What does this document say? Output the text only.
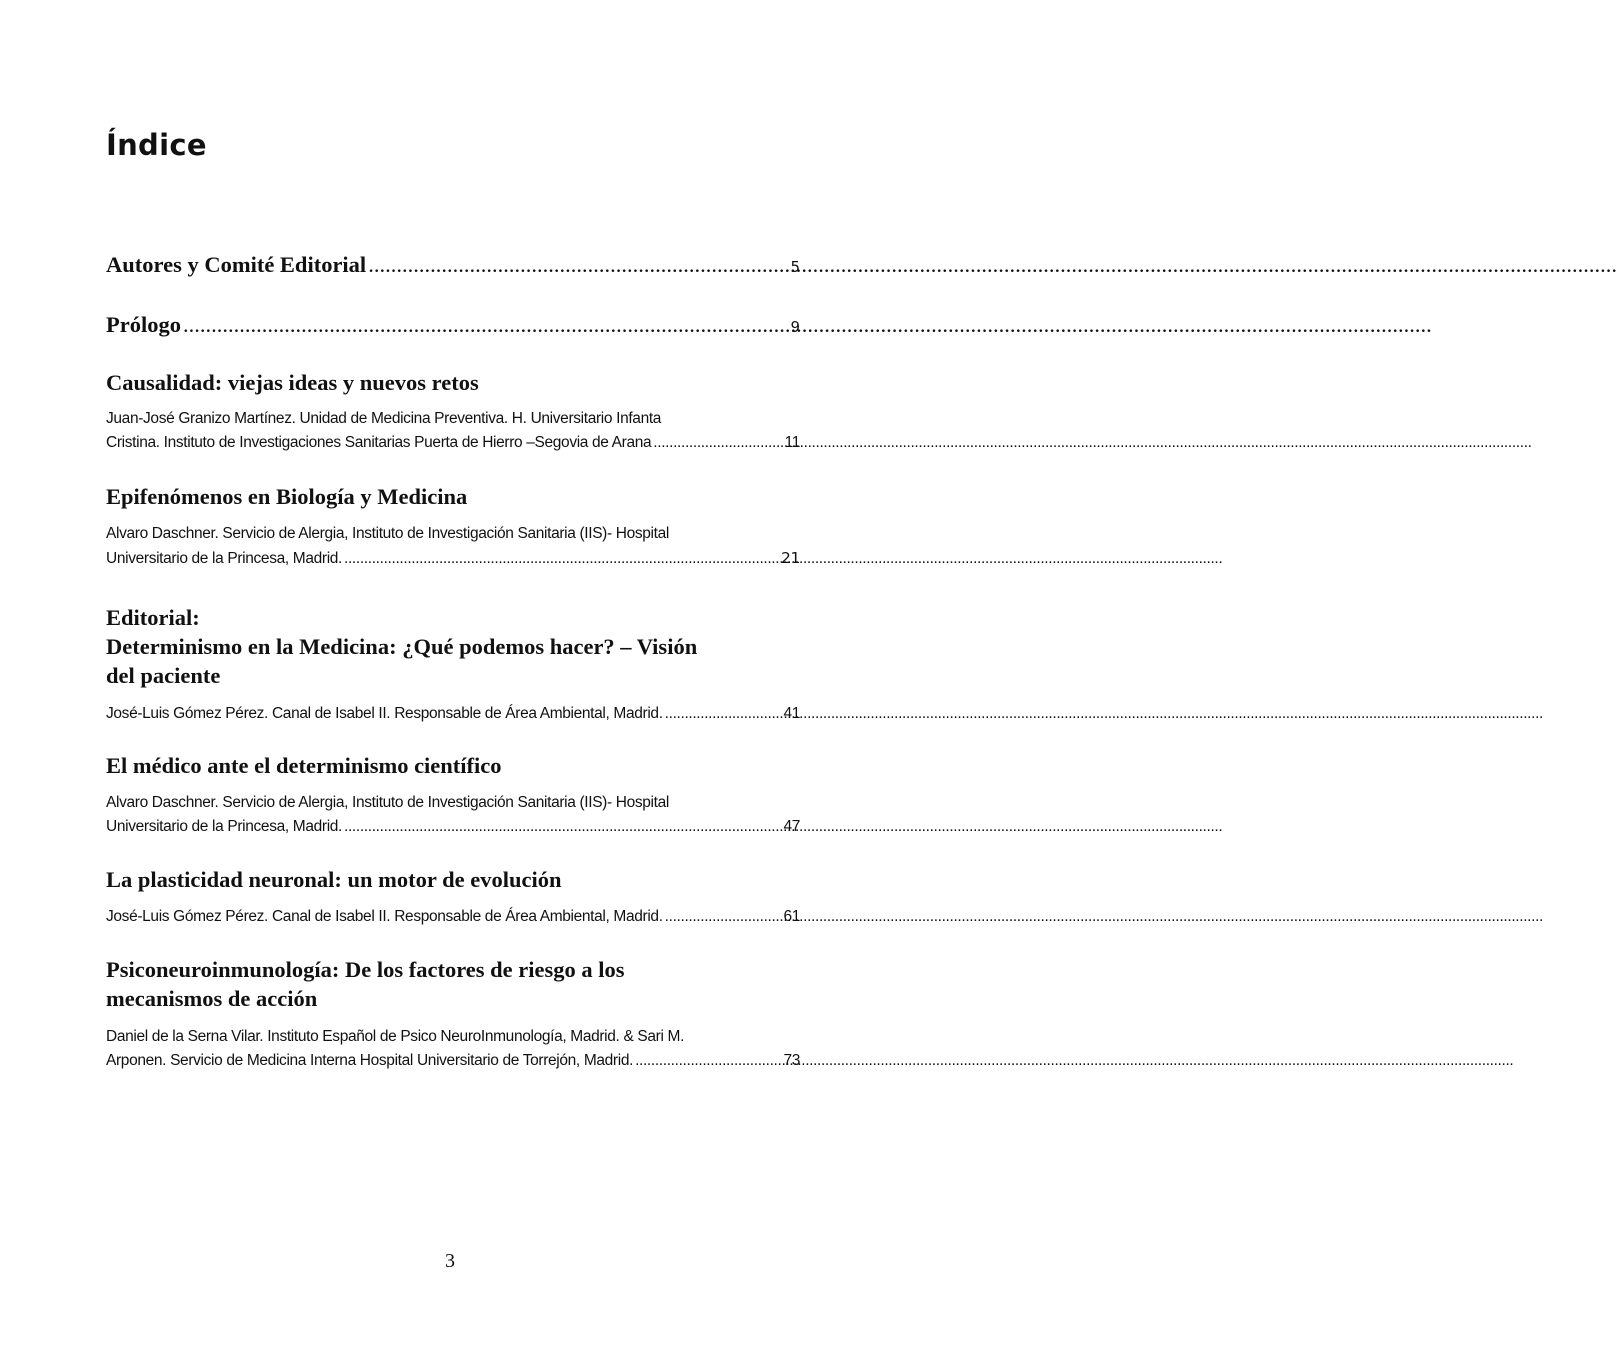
Índice
Autores y Comité Editorial .....	5
Prólogo .....	9
Causalidad: viejas ideas y nuevos retos
Juan-José Granizo Martínez. Unidad de Medicina Preventiva. H. Universitario Infanta
Cristina. Instituto de Investigaciones Sanitarias Puerta de Hierro –Segovia de Arana .....	11
Epifenómenos en Biología y Medicina
Alvaro Daschner. Servicio de Alergia, Instituto de Investigación Sanitaria (IIS)- Hospital
Universitario de la Princesa, Madrid. .....	21
Editorial:
Determinismo en la Medicina: ¿Qué podemos hacer? – Visión
del paciente
José-Luis Gómez Pérez. Canal de Isabel II. Responsable de Área Ambiental, Madrid. .....	41
El médico ante el determinismo científico
Alvaro Daschner. Servicio de Alergia, Instituto de Investigación Sanitaria (IIS)- Hospital
Universitario de la Princesa, Madrid. .....	47
La plasticidad neuronal: un motor de evolución
José-Luis Gómez Pérez. Canal de Isabel II. Responsable de Área Ambiental, Madrid. .....	61
Psiconeuroinmunología: De los factores de riesgo a los
mecanismos de acción
Daniel de la Serna Vilar. Instituto Español de Psico NeuroInmunología, Madrid. & Sari M.
Arponen. Servicio de Medicina Interna Hospital Universitario de Torrejón, Madrid. .....	73
3
